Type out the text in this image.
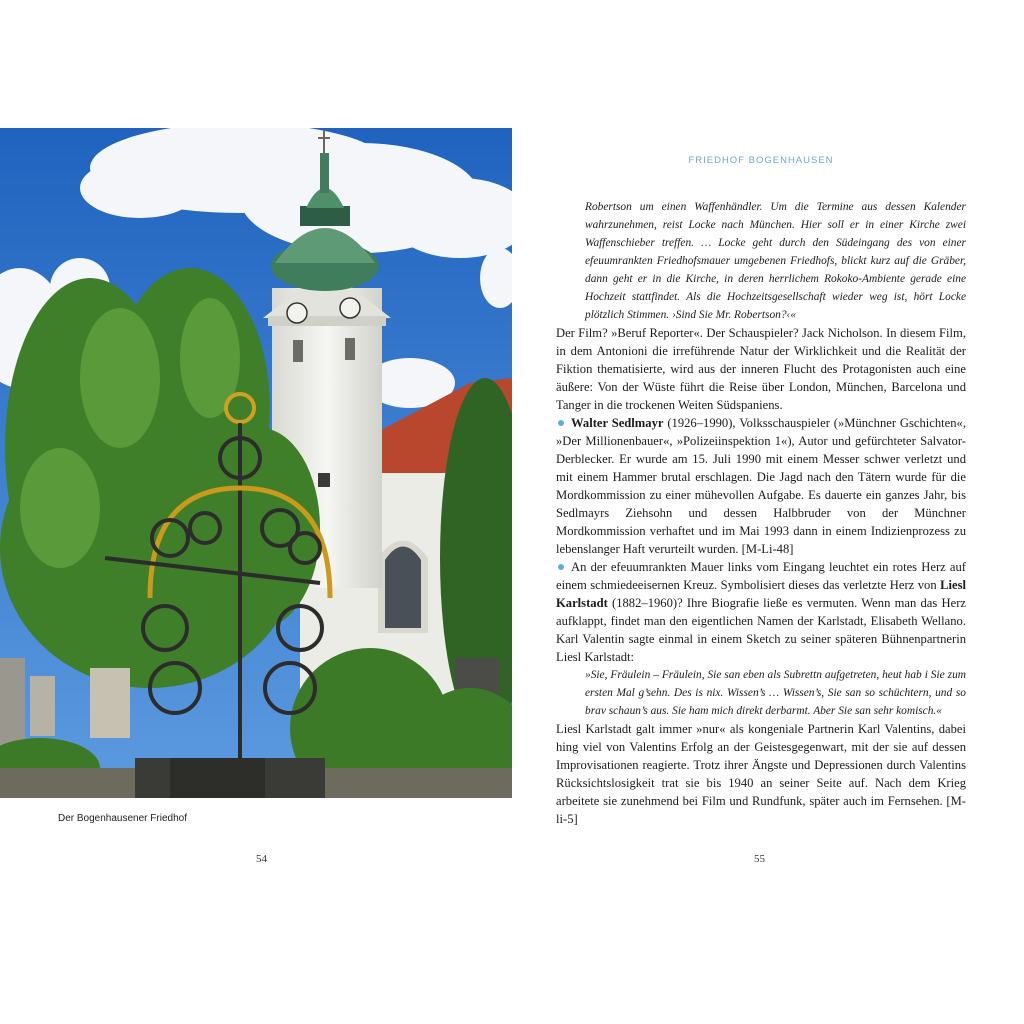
Der Bogenhausener Friedhof
54
FRIEDHOF BOGENHAUSEN

Robertson um einen Waffenhändler. Um die Termine aus dessen Kalender wahrzunehmen, reist Locke nach München. Hier soll er in einer Kirche zwei Waffenschieber treffen. … Locke geht durch den Südeingang des von einer efeuumrankten Friedhofsmauer umgebenen Friedhofs, blickt kurz auf die Gräber, dann geht er in die Kirche, in deren herrlichem Rokoko-Ambiente gerade eine Hochzeit stattfindet. Als die Hochzeitsgesellschaft wieder weg ist, hört Locke plötzlich Stimmen. ›Sind Sie Mr. Robertson?‹«

Der Film? »Beruf Reporter«. Der Schauspieler? Jack Nicholson. In diesem Film, in dem Antonioni die irreführende Natur der Wirklichkeit und die Realität der Fiktion thematisierte, wird aus der inneren Flucht des Protagonisten auch eine äußere: Von der Wüste führt die Reise über London, München, Barcelona und Tanger in die trockenen Weiten Südspaniens.

Walter Sedlmayr (1926–1990), Volksschauspieler (»Münchner Gschichten«, »Der Millionenbauer«, »Polizeiinspektion 1«), Autor und gefürchteter Salvator-Derblecker. Er wurde am 15. Juli 1990 mit einem Messer schwer verletzt und mit einem Hammer brutal erschlagen. Die Jagd nach den Tätern wurde für die Mordkommission zu einer mühevollen Aufgabe. Es dauerte ein ganzes Jahr, bis Sedlmayrs Ziehsohn und dessen Halbbruder von der Münchner Mordkommission verhaftet und im Mai 1993 dann in einem Indizienprozess zu lebenslanger Haft verurteilt wurden. [M-Li-48]

An der efeuumrankten Mauer links vom Eingang leuchtet ein rotes Herz auf einem schmiedeeisernen Kreuz. Symbolisiert dieses das verletzte Herz von Liesl Karlstadt (1882–1960)? Ihre Biografie ließe es vermuten. Wenn man das Herz aufklappt, findet man den eigentlichen Namen der Karlstadt, Elisabeth Wellano. Karl Valentin sagte einmal in einem Sketch zu seiner späteren Bühnenpartnerin Liesl Karlstadt:

»Sie, Fräulein – Fräulein, Sie san eben als Subrettn aufgetreten, heut hab i Sie zum ersten Mal g’sehn. Des is nix. Wissen’s … Wissen’s, Sie san so schüchtern, und so brav schaun’s aus. Sie ham mich direkt derbarmt. Aber Sie san sehr komisch.«

Liesl Karlstadt galt immer »nur« als kongeniale Partnerin Karl Valentins, dabei hing viel von Valentins Erfolg an der Geistesgegenwart, mit der sie auf dessen Improvisationen reagierte. Trotz ihrer Ängste und Depressionen durch Valentins Rücksichtslosigkeit trat sie bis 1940 an seiner Seite auf. Nach dem Krieg arbeitete sie zunehmend bei Film und Rundfunk, später auch im Fernsehen. [M-li-5]

55
